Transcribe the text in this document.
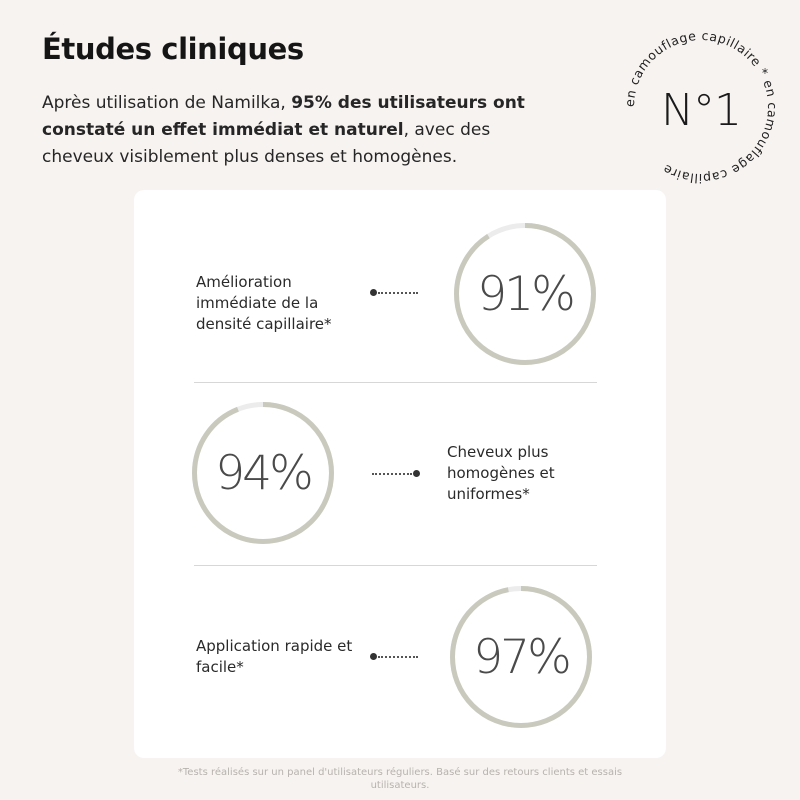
Études cliniques

Après utilisation de Namilka, 95% des utilisateurs ont constaté un effet immédiat et naturel, avec des cheveux visiblement plus denses et homogènes.

en camouflage capillaire * en camouflage capillaire
N°1

Amélioration immédiate de la densité capillaire*

91%
94%	Cheveux plus homogènes et uniformes*

Application rapide et facile*	97%

*Tests réalisés sur un panel d'utilisateurs réguliers. Basé sur des retours clients et essais utilisateurs.
